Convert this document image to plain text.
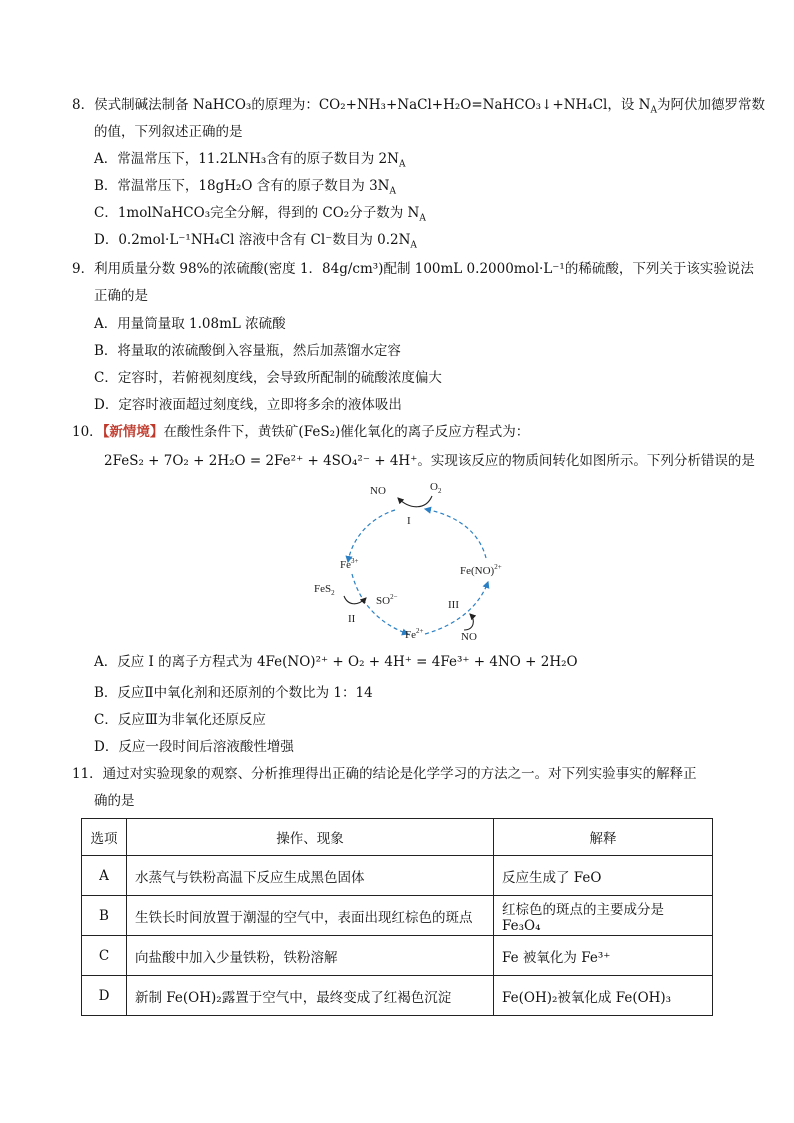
8．侯式制碱法制备 NaHCO₃的原理为：CO₂+NH₃+NaCl+H₂O=NaHCO₃↓+NH₄Cl，设 $N_A$为阿伏加德罗常数
的值，下列叙述正确的是
A．常温常压下，11.2LNH₃含有的原子数目为 $2N_A$
B．常温常压下，18gH₂O 含有的原子数目为 $3N_A$
C．1molNaHCO₃完全分解，得到的 CO₂分子数为 $N_A$
D．0.2mol·L⁻¹NH₄Cl 溶液中含有 Cl⁻数目为 $0.2N_A$
9．利用质量分数 98%的浓硫酸(密度 1．84g/cm³)配制 100mL 0.2000mol·L⁻¹的稀硫酸，下列关于该实验说法
正确的是
A．用量筒量取 1.08mL 浓硫酸
B．将量取的浓硫酸倒入容量瓶，然后加蒸馏水定容
C．定容时，若俯视刻度线，会导致所配制的硫酸浓度偏大
D．定容时液面超过刻度线，立即将多余的液体吸出
10．【新情境】在酸性条件下，黄铁矿(FeS₂)催化氧化的离子反应方程式为：
2FeS₂ + 7O₂ + 2H₂O = 2Fe²⁺ + 4SO₄²⁻ + 4H⁺。实现该反应的物质间转化如图所示。下列分析错误的是
NO	$O_2$
I
$Fe^{3+}$
Fe(NO)$^{2+}$
FeS$_2$
$SO^{2-}$
II
III
$Fe^{2+}$	NO
A．反应 I 的离子方程式为 4Fe(NO)²⁺ + O₂ + 4H⁺ = 4Fe³⁺ + 4NO + 2H₂O
B．反应Ⅱ中氧化剂和还原剂的个数比为 1：14
C．反应Ⅲ为非氧化还原反应
D．反应一段时间后溶液酸性增强
11．通过对实验现象的观察、分析推理得出正确的结论是化学学习的方法之一。对下列实验事实的解释正
确的是
选项	操作、现象	解释
A	水蒸气与铁粉高温下反应生成黑色固体	反应生成了 FeO
B	生铁长时间放置于潮湿的空气中，表面出现红棕色的斑点	红棕色的斑点的主要成分是 Fe₃O₄
C	向盐酸中加入少量铁粉，铁粉溶解	Fe 被氧化为 Fe³⁺
D	新制 Fe(OH)₂露置于空气中，最终变成了红褐色沉淀	Fe(OH)₂被氧化成 Fe(OH)₃
